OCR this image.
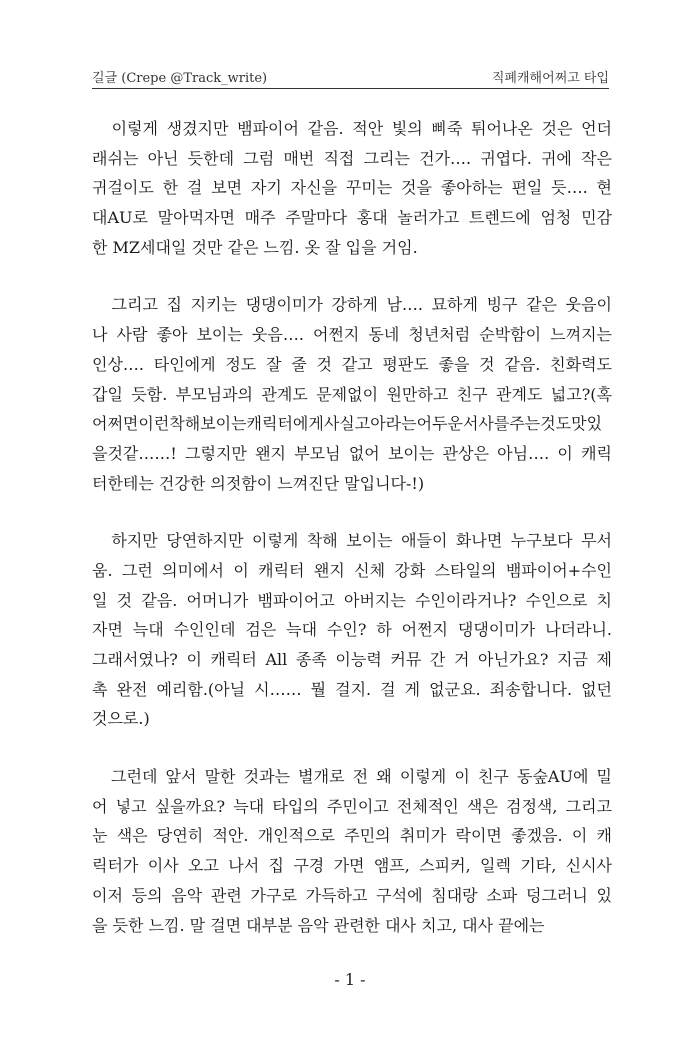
길글 (Crepe @Track_write)	직폐캐해어쩌고 타입
　이렇게 생겼지만 뱀파이어 같음. 적안 빛의 삐죽 튀어나온 것은 언더
래쉬는 아닌 듯한데 그럼 매번 직접 그리는 건가…. 귀엽다. 귀에 작은
귀걸이도 한 걸 보면 자기 자신을 꾸미는 것을 좋아하는 편일 듯…. 현
대AU로 말아먹자면 매주 주말마다 홍대 놀러가고 트렌드에 엄청 민감
한 MZ세대일 것만 같은 느낌. 옷 잘 입을 거임.
　그리고 집 지키는 댕댕이미가 강하게 남…. 묘하게 빙구 같은 웃음이
나 사람 좋아 보이는 웃음…. 어쩐지 동네 청년처럼 순박함이 느껴지는
인상…. 타인에게 정도 잘 줄 것 같고 평판도 좋을 것 같음. 친화력도
갑일 듯함. 부모님과의 관계도 문제없이 원만하고 친구 관계도 넓고?(혹
어쩌면이런착해보이는캐릭터에게사실고아라는어두운서사를주는것도맛있
을것같……! 그렇지만 왠지 부모님 없어 보이는 관상은 아님…. 이 캐릭
터한테는 건강한 의젓함이 느껴진단 말입니다-!)
　하지만 당연하지만 이렇게 착해 보이는 애들이 화나면 누구보다 무서
움. 그런 의미에서 이 캐릭터 왠지 신체 강화 스타일의 뱀파이어+수인
일 것 같음. 어머니가 뱀파이어고 아버지는 수인이라거나? 수인으로 치
자면 늑대 수인인데 검은 늑대 수인? 하 어쩐지 댕댕이미가 나더라니.
그래서였나? 이 캐릭터 All 종족 이능력 커뮤 간 거 아닌가요? 지금 제
촉 완전 예리함.(아닐 시…… 뭘 걸지. 걸 게 없군요. 죄송합니다. 없던
것으로.)
　그런데 앞서 말한 것과는 별개로 전 왜 이렇게 이 친구 동숲AU에 밀
어 넣고 싶을까요? 늑대 타입의 주민이고 전체적인 색은 검정색, 그리고
눈 색은 당연히 적안. 개인적으로 주민의 취미가 락이면 좋겠음. 이 캐
릭터가 이사 오고 나서 집 구경 가면 앰프, 스피커, 일렉 기타, 신시사
이저 등의 음악 관련 가구로 가득하고 구석에 침대랑 소파 덩그러니 있
을 듯한 느낌. 말 걸면 대부분 음악 관련한 대사 치고, 대사 끝에는
- 1 -
